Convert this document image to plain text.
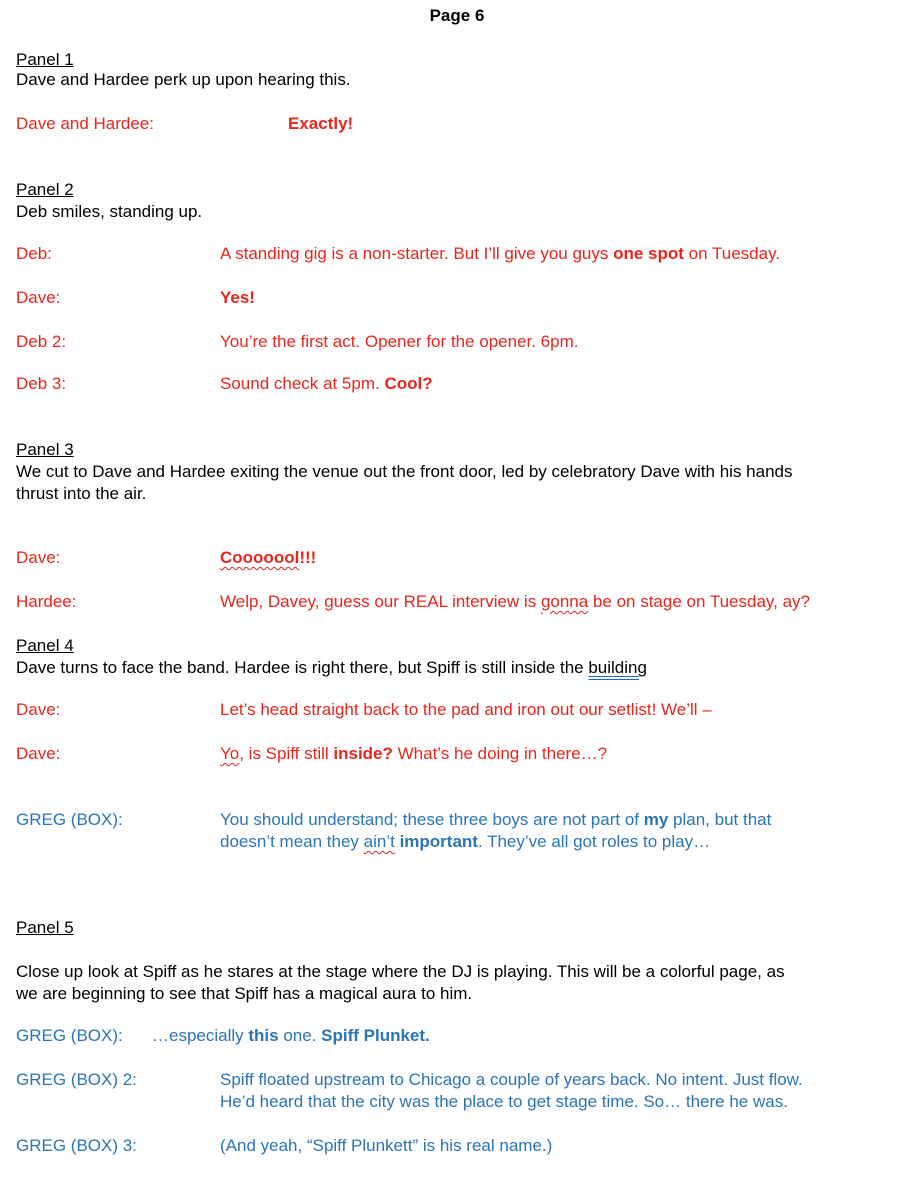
Page 6
Panel 1
Dave and Hardee perk up upon hearing this.
Dave and Hardee:	Exactly!
Panel 2
Deb smiles, standing up.
Deb:	A standing gig is a non-starter. But I’ll give you guys one spot on Tuesday.
Dave:	Yes!
Deb 2:	You’re the first act. Opener for the opener. 6pm.
Deb 3:	Sound check at 5pm. Cool?
Panel 3
We cut to Dave and Hardee exiting the venue out the front door, led by celebratory Dave with his hands
thrust into the air.
Dave:	Cooooool!!!
Hardee:	Welp, Davey, guess our REAL interview is gonna be on stage on Tuesday, ay?
Panel 4
Dave turns to face the band. Hardee is right there, but Spiff is still inside the building
Dave:	Let’s head straight back to the pad and iron out our setlist! We’ll –
Dave:	Yo, is Spiff still inside? What’s he doing in there…?
GREG (BOX):	You should understand; these three boys are not part of my plan, but that
doesn’t mean they ain’t important. They’ve all got roles to play…
Panel 5
Close up look at Spiff as he stares at the stage where the DJ is playing. This will be a colorful page, as
we are beginning to see that Spiff has a magical aura to him.
GREG (BOX): …especially this one. Spiff Plunket.
GREG (BOX) 2:	Spiff floated upstream to Chicago a couple of years back. No intent. Just flow.
He’d heard that the city was the place to get stage time. So… there he was.
GREG (BOX) 3:	(And yeah, “Spiff Plunkett” is his real name.)
